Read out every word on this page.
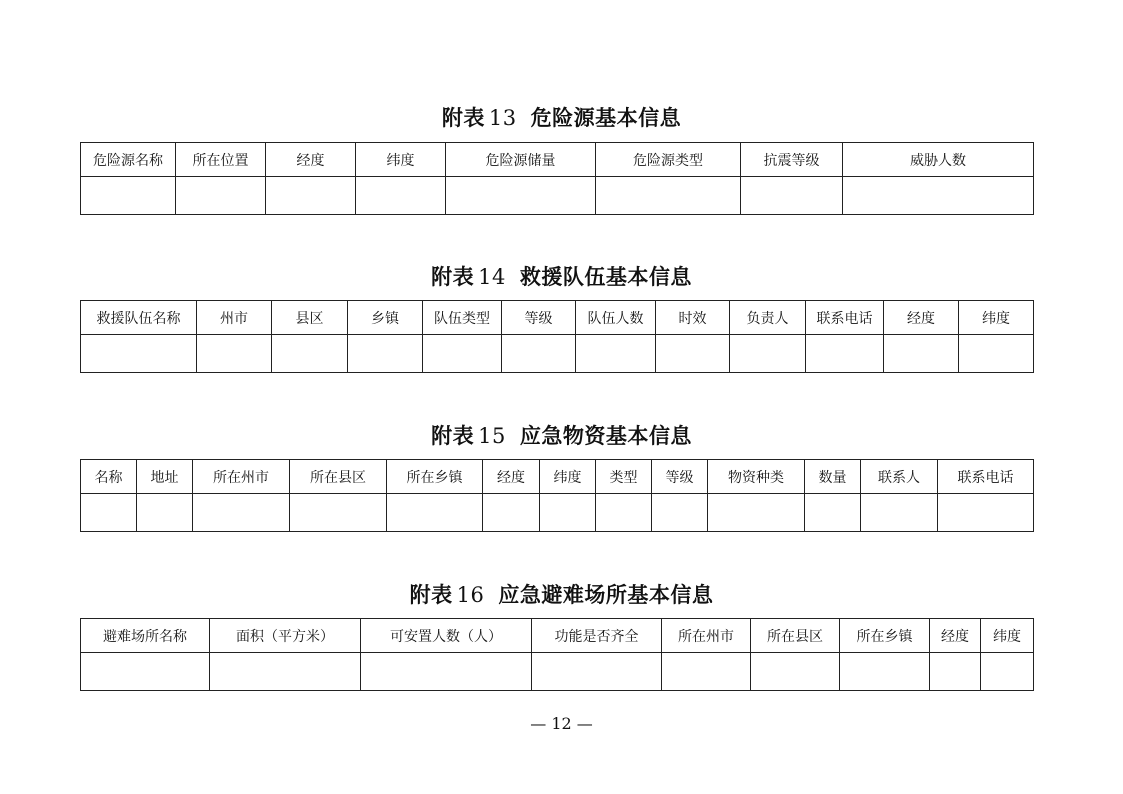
附表 13 危险源基本信息
危险源名称	所在位置	经度	纬度	危险源储量	危险源类型	抗震等级	威胁人数

附表 14 救援队伍基本信息
救援队伍名称	州市	县区	乡镇	队伍类型	等级	队伍人数	时效	负责人	联系电话	经度	纬度

附表 15 应急物资基本信息
名称	地址	所在州市	所在县区	所在乡镇	经度	纬度	类型	等级	物资种类	数量	联系人	联系电话

附表 16 应急避难场所基本信息
避难场所名称	面积（平方米）	可安置人数（人）	功能是否齐全	所在州市	所在县区	所在乡镇	经度	纬度

— 12 —
